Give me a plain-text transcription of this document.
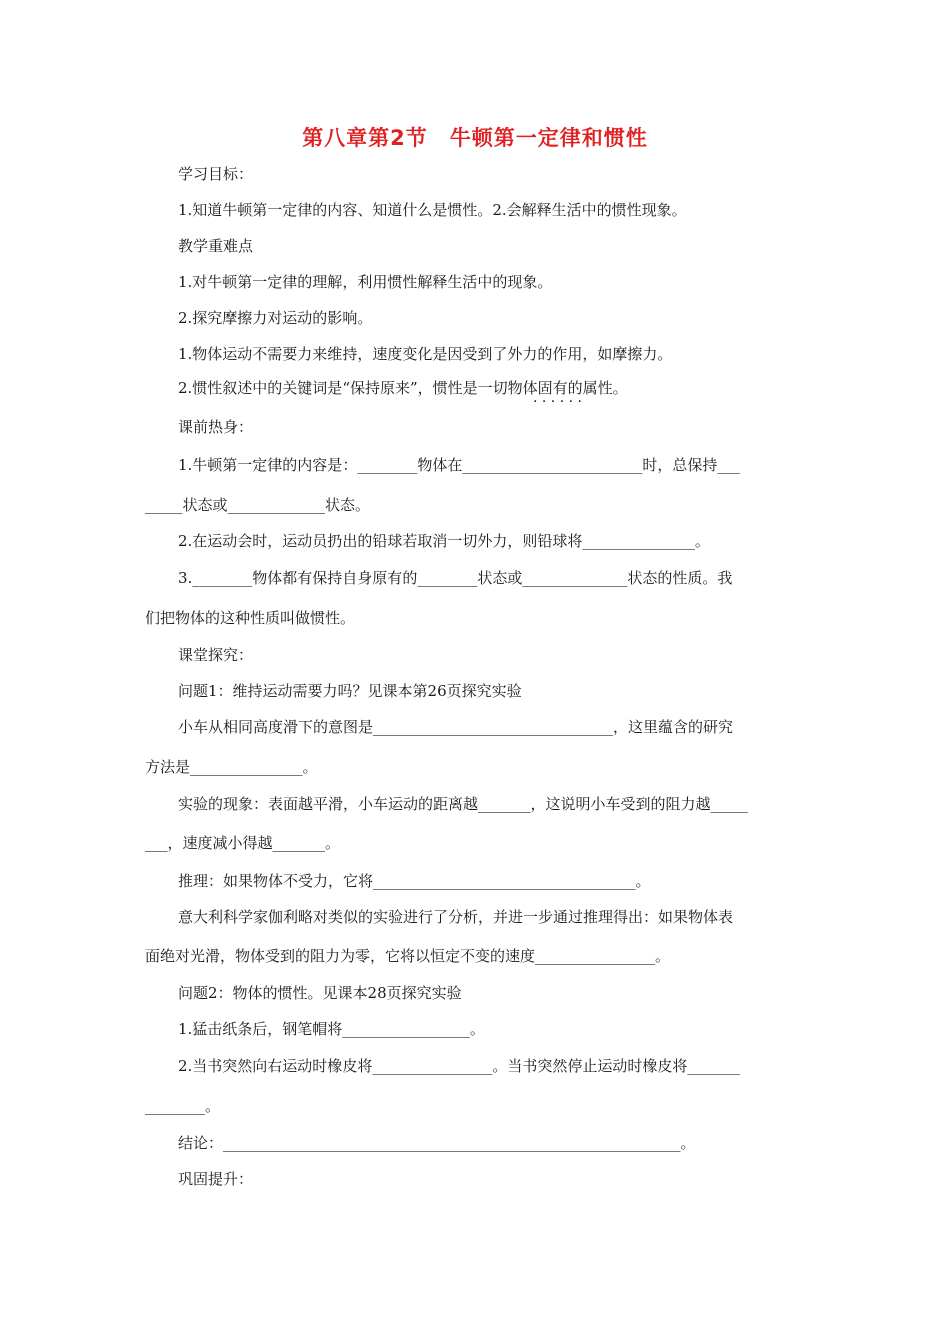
第八章第2节　牛顿第一定律和惯性
学习目标：
1.知道牛顿第一定律的内容、知道什么是惯性。2.会解释生活中的惯性现象。
教学重难点
1.对牛顿第一定律的理解，利用惯性解释生活中的现象。
2.探究摩擦力对运动的影响。
1.物体运动不需要力来维持，速度变化是因受到了外力的作用，如摩擦力。
2.惯性叙述中的关键词是“保持原来”，惯性是一切物体固有的属性。
· · · · · ·
课前热身：
1.牛顿第一定律的内容是：________物体在________________________时，总保持___
_____状态或_____________状态。
2.在运动会时，运动员扔出的铅球若取消一切外力，则铅球将_______________。
3.________物体都有保持自身原有的________状态或______________状态的性质。我
们把物体的这种性质叫做惯性。
课堂探究：
问题1：维持运动需要力吗？见课本第26页探究实验
小车从相同高度滑下的意图是________________________________，这里蕴含的研究
方法是_______________。
实验的现象：表面越平滑，小车运动的距离越_______，这说明小车受到的阻力越_____
___，速度减小得越_______。
推理：如果物体不受力，它将___________________________________。
意大利科学家伽利略对类似的实验进行了分析，并进一步通过推理得出：如果物体表
面绝对光滑，物体受到的阻力为零，它将以恒定不变的速度________________。
问题2：物体的惯性。见课本28页探究实验
1.猛击纸条后，钢笔帽将_________________。
2.当书突然向右运动时橡皮将________________。当书突然停止运动时橡皮将_______
________。
结论：_____________________________________________________________。
巩固提升：
